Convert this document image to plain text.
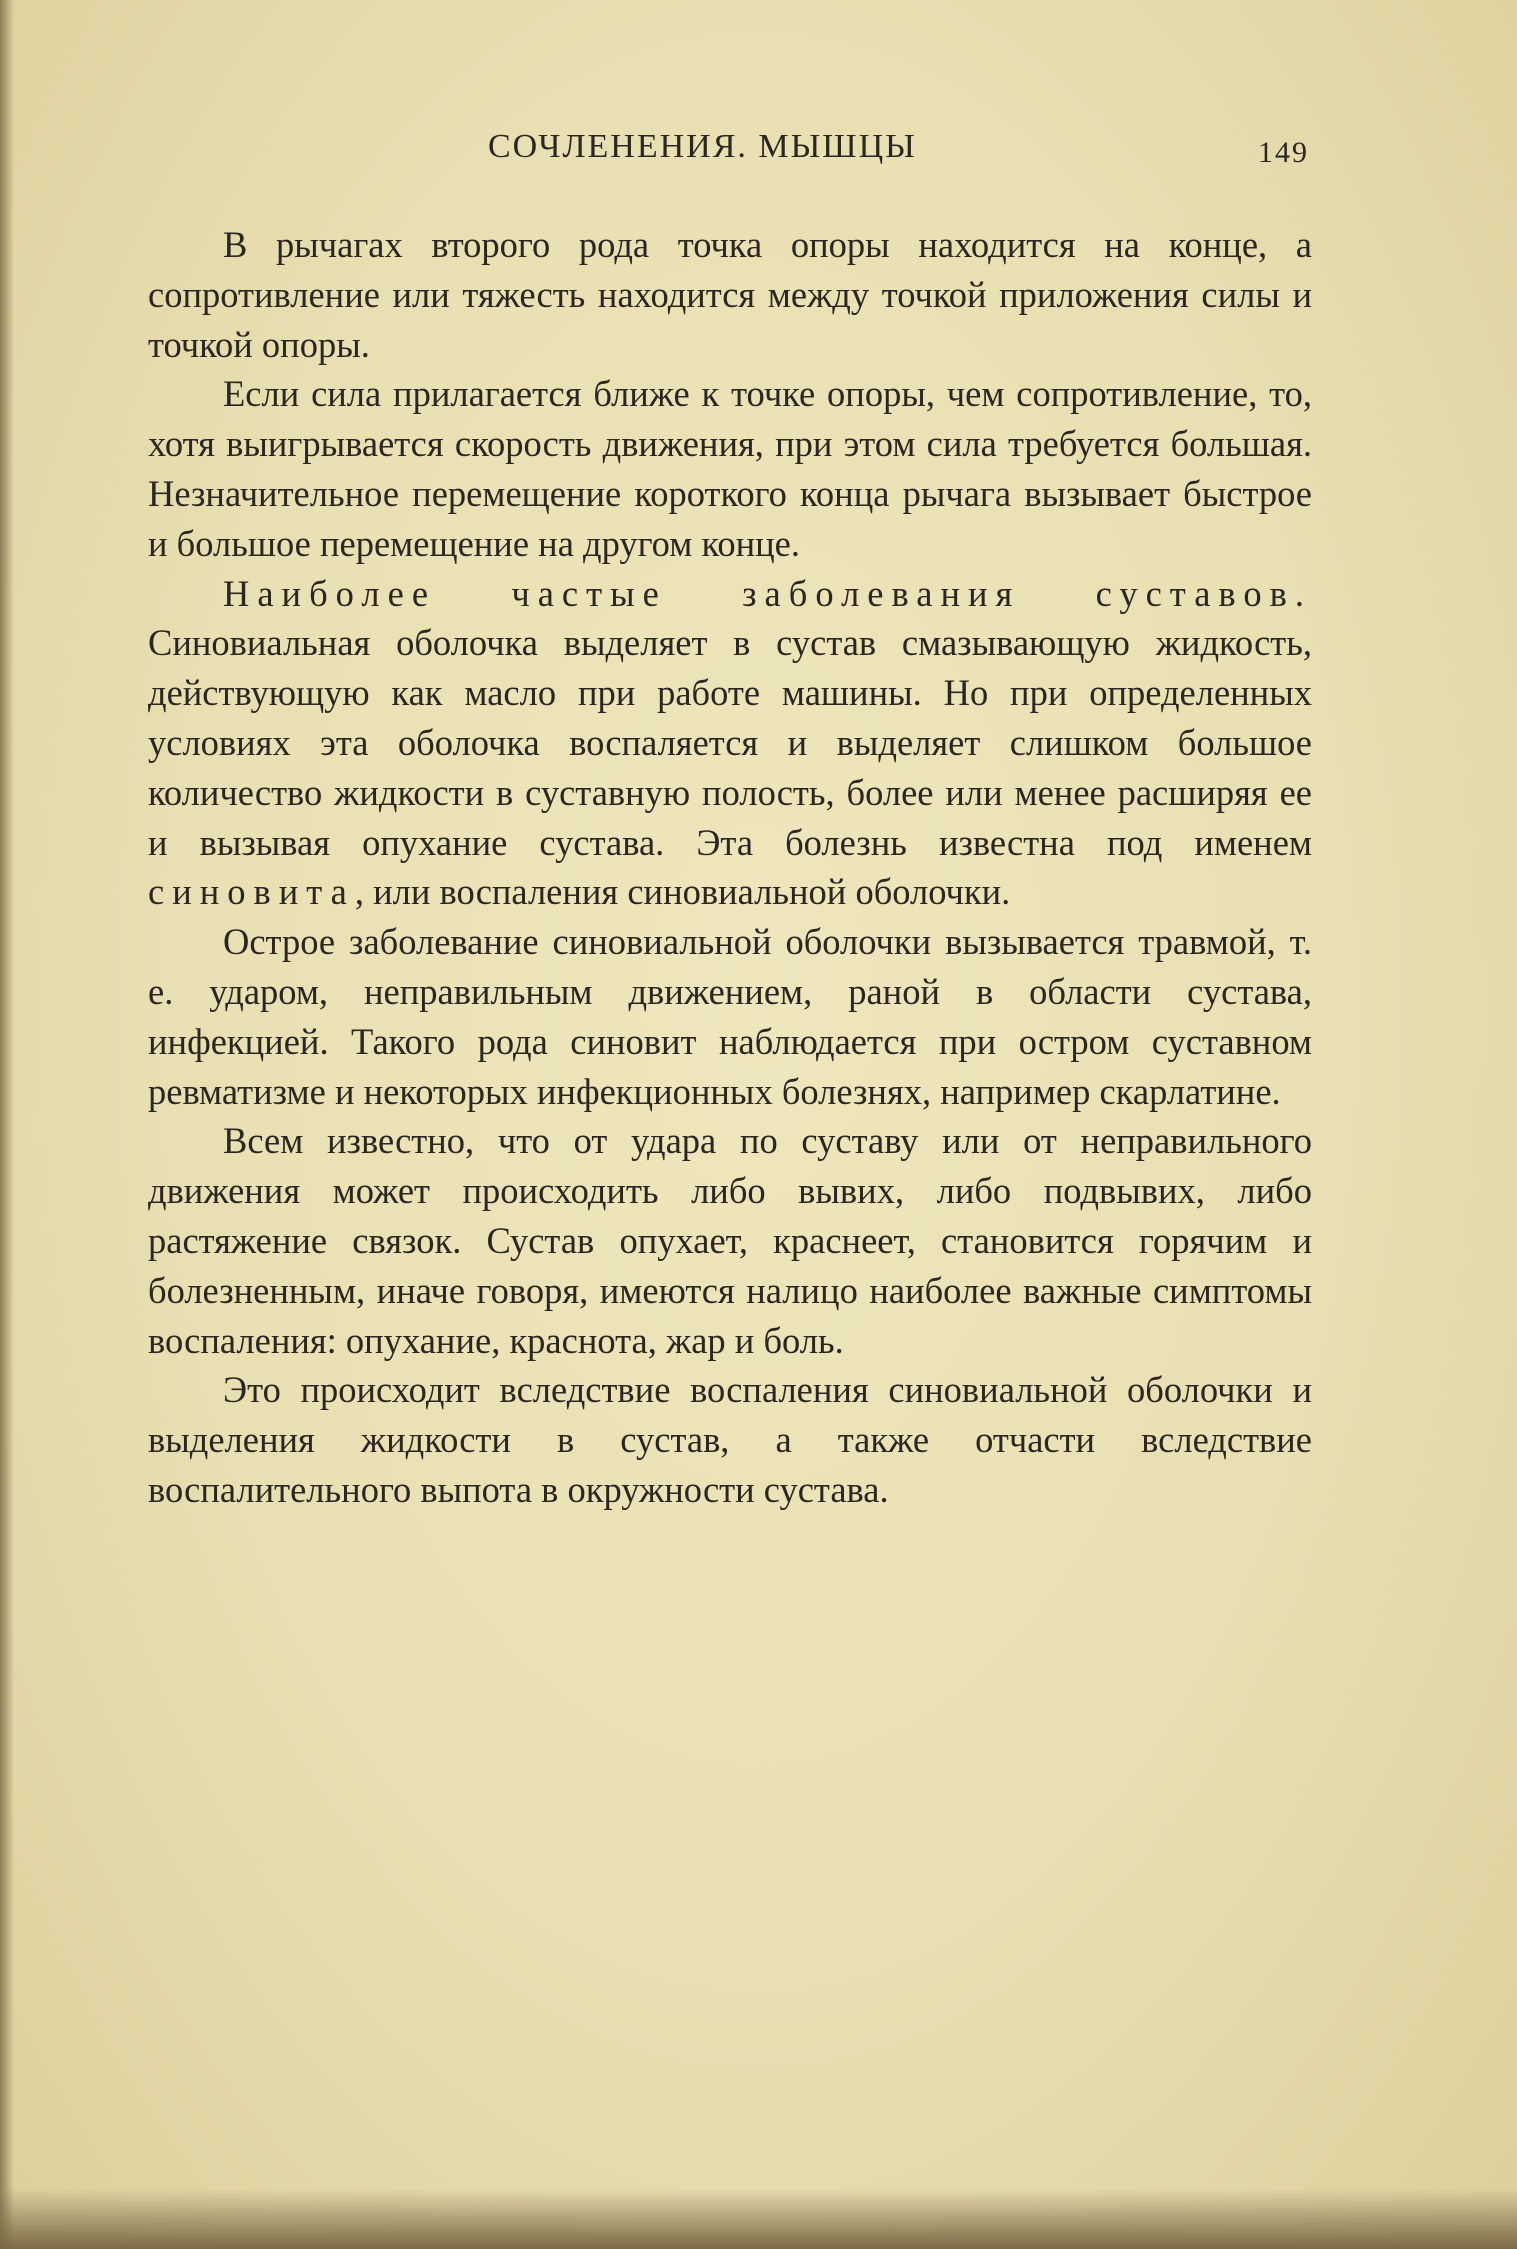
СОЧЛЕНЕНИЯ. МЫШЦЫ	149

В рычагах второго рода точка опоры находится на конце, а сопротивление или тяжесть находится между точкой приложения силы и точкой опоры.

Если сила прилагается ближе к точке опоры, чем сопротивление, то, хотя выигрывается скорость движения, при этом сила требуется большая. Незначительное перемещение короткого конца рычага вызывает быстрое и большое перемещение на другом конце.

Наиболее частые заболевания суставов. Синовиальная оболочка выделяет в сустав смазывающую жидкость, действующую как масло при работе машины. Но при определенных условиях эта оболочка воспаляется и выделяет слишком большое количество жидкости в суставную полость, более или менее расширяя ее и вызывая опухание сустава. Эта болезнь известна под именем синовита, или воспаления синовиальной оболочки.

Острое заболевание синовиальной оболочки вызывается травмой, т. е. ударом, неправильным движением, раной в области сустава, инфекцией. Такого рода синовит наблюдается при остром суставном ревматизме и некоторых инфекционных болезнях, например скарлатине.

Всем известно, что от удара по суставу или от неправильного движения может происходить либо вывих, либо подвывих, либо растяжение связок. Сустав опухает, краснеет, становится горячим и болезненным, иначе говоря, имеются налицо наиболее важные симптомы воспаления: опухание, краснота, жар и боль.

Это происходит вследствие воспаления синовиальной оболочки и выделения жидкости в сустав, а также отчасти вследствие воспалительного выпота в окружности сустава.
